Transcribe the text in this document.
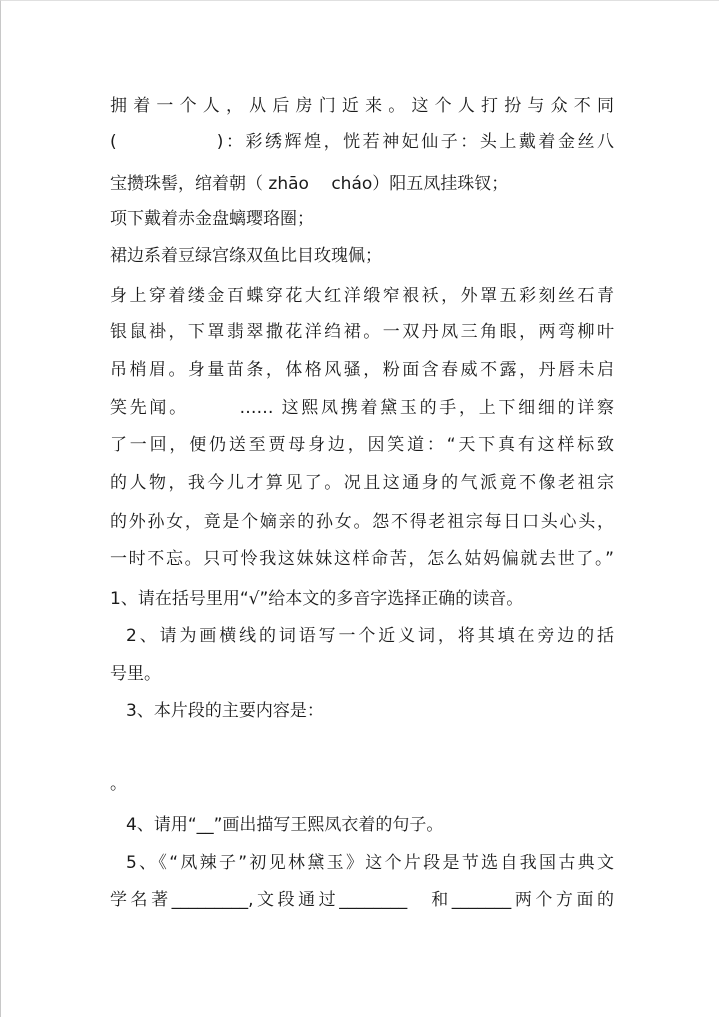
拥着一个人，从后房门近来。这个人打扮与众不同
(　　　　　)：彩绣辉煌，恍若神妃仙子：头上戴着金丝八
宝攒珠髻，绾着朝（ zhāo　 cháo）阳五凤挂珠钗；
项下戴着赤金盘螭璎珞圈；
裙边系着豆绿宫绦双鱼比目玫瑰佩；
身上穿着缕金百蝶穿花大红洋缎窄裉袄，外罩五彩刻丝石青
银鼠褂，下罩翡翠撒花洋绉裙。一双丹凤三角眼，两弯柳叶
吊梢眉。身量苗条，体格风骚，粉面含春威不露，丹唇未启
笑先闻。　　　…… 这熙凤携着黛玉的手，上下细细的详察
了一回，便仍送至贾母身边，因笑道：“天下真有这样标致
的人物，我今儿才算见了。况且这通身的气派竟不像老祖宗
的外孙女，竟是个嫡亲的孙女。怨不得老祖宗每日口头心头，
一时不忘。只可怜我这妹妹这样命苦，怎么姑妈偏就去世了。”
1、请在括号里用“√”给本文的多音字选择正确的读音。
2、请为画横线的词语写一个近义词，将其填在旁边的括
号里。
3、本片段的主要内容是：
。
4、请用“__”画出描写王熙凤衣着的句子。
5、《“凤辣子”初见林黛玉》这个片段是节选自我国古典文
学名著_________,文段通过________　和_______两个方面的
